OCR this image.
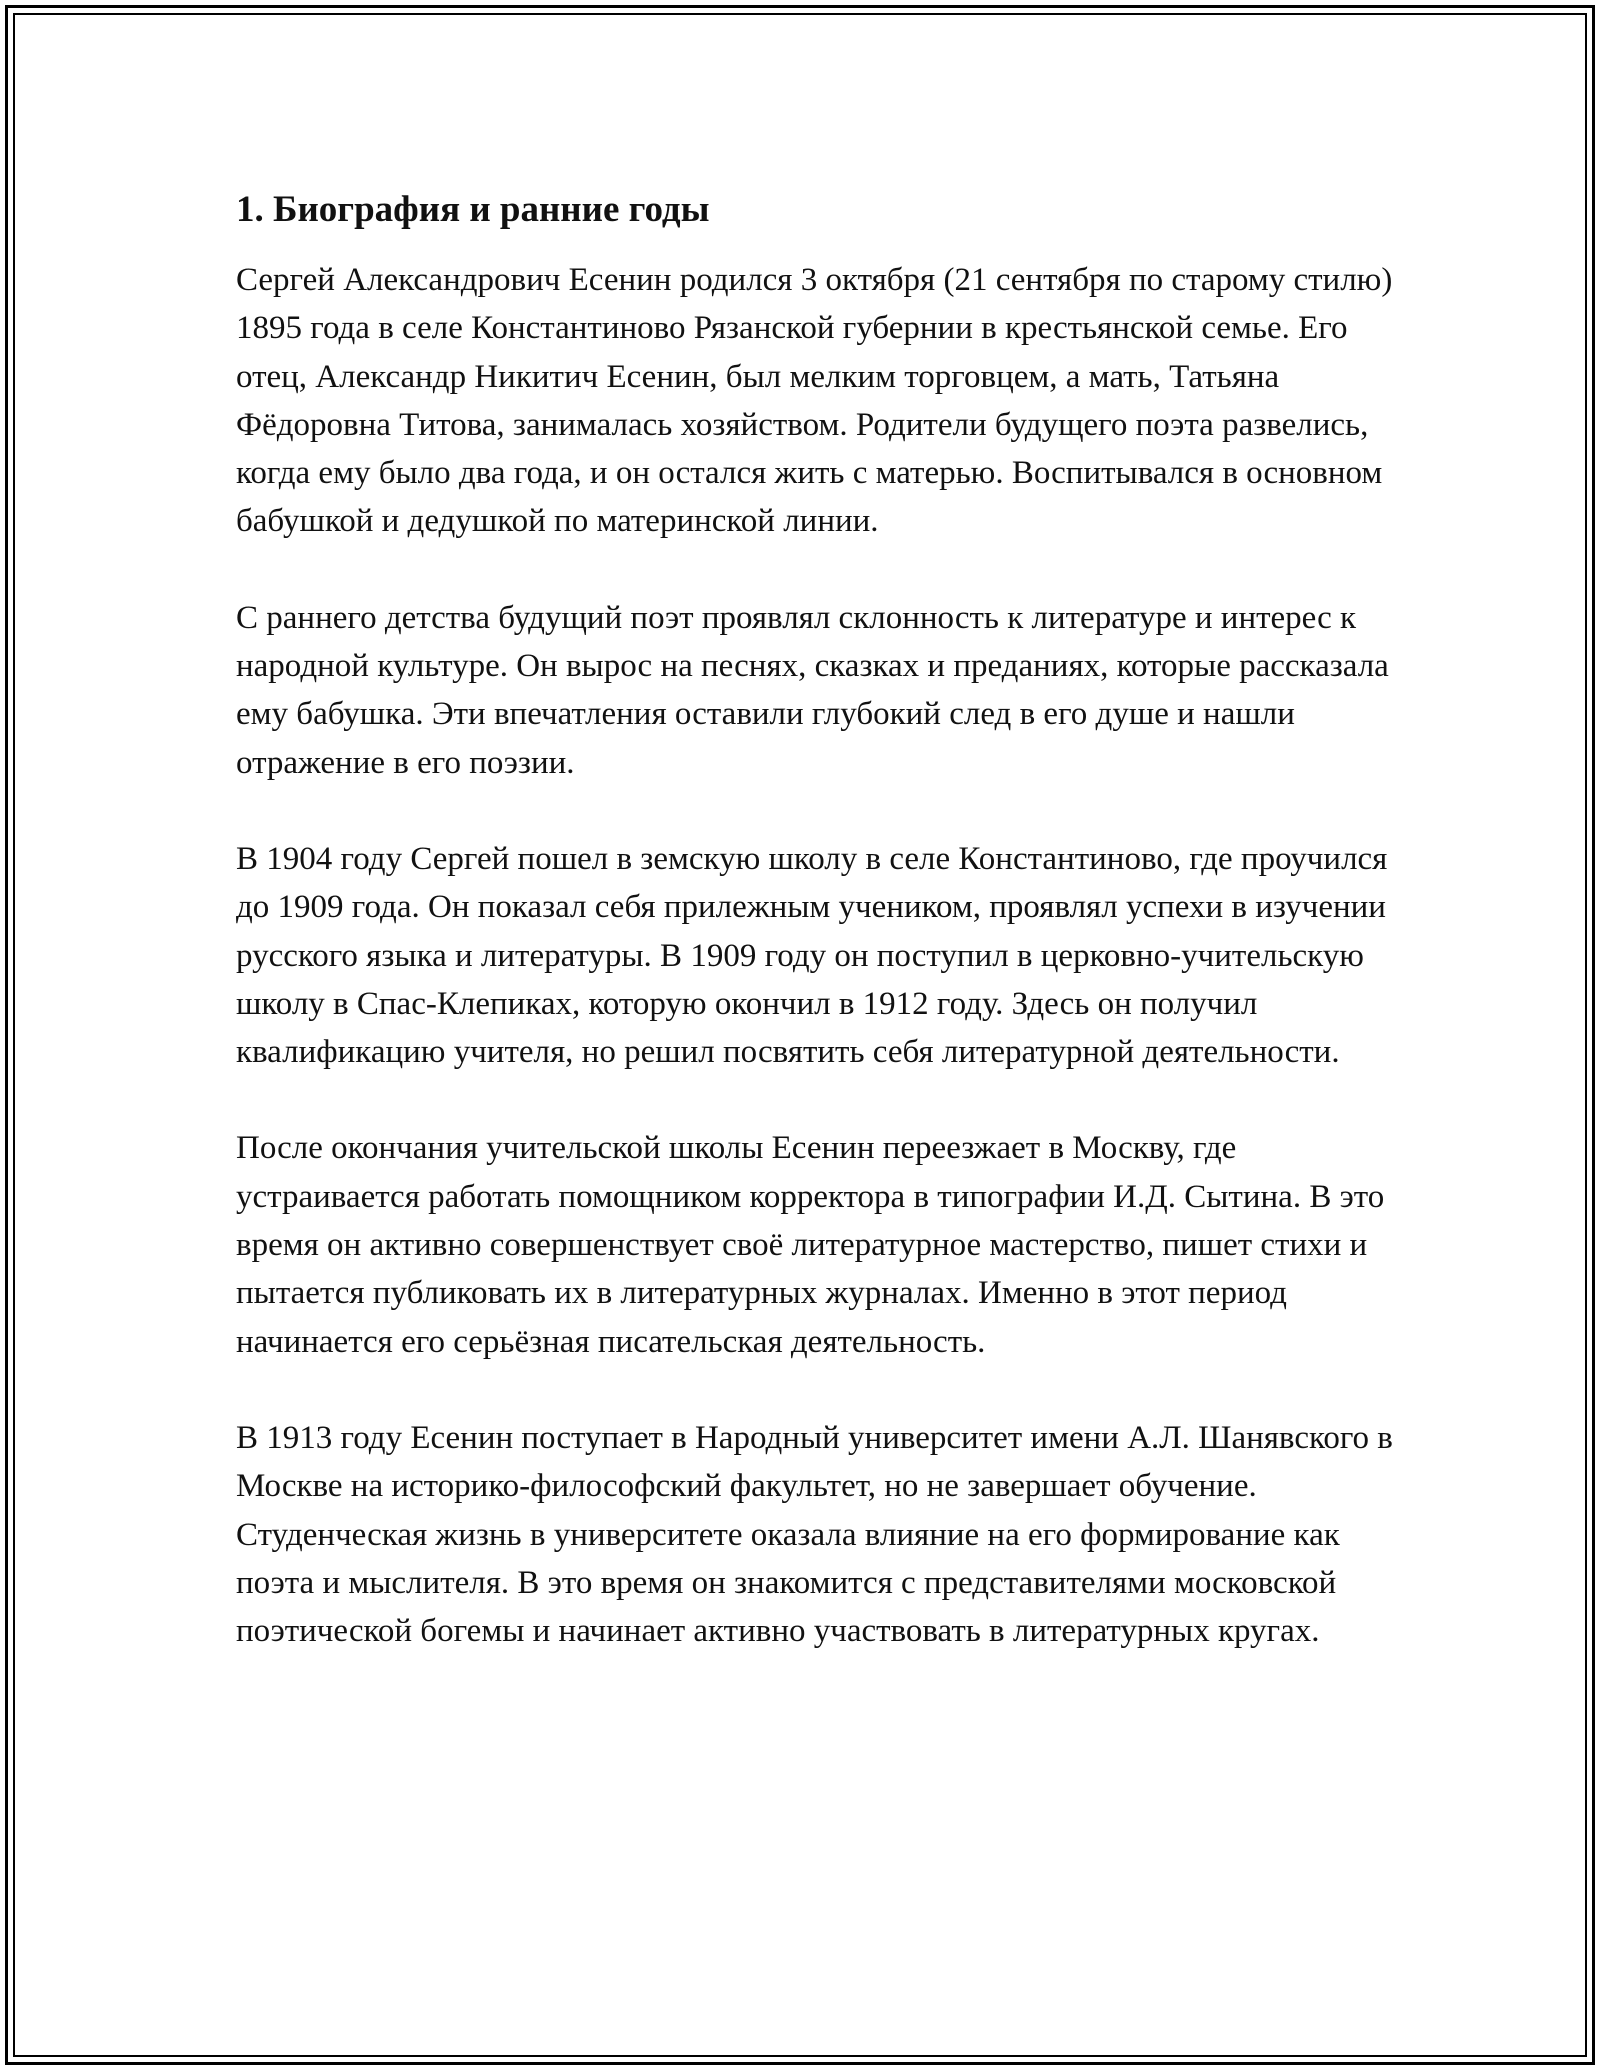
1. Биография и ранние годы

Сергей Александрович Есенин родился 3 октября (21 сентября по старому стилю) 1895 года в селе Константиново Рязанской губернии в крестьянской семье. Его отец, Александр Никитич Есенин, был мелким торговцем, а мать, Татьяна Фёдоровна Титова, занималась хозяйством. Родители будущего поэта развелись, когда ему было два года, и он остался жить с матерью. Воспитывался в основном бабушкой и дедушкой по материнской линии.

С раннего детства будущий поэт проявлял склонность к литературе и интерес к народной культуре. Он вырос на песнях, сказках и преданиях, которые рассказала ему бабушка. Эти впечатления оставили глубокий след в его душе и нашли отражение в его поэзии.

В 1904 году Сергей пошел в земскую школу в селе Константиново, где проучился до 1909 года. Он показал себя прилежным учеником, проявлял успехи в изучении русского языка и литературы. В 1909 году он поступил в церковно-учительскую школу в Спас-Клепиках, которую окончил в 1912 году. Здесь он получил квалификацию учителя, но решил посвятить себя литературной деятельности.

После окончания учительской школы Есенин переезжает в Москву, где устраивается работать помощником корректора в типографии И.Д. Сытина. В это время он активно совершенствует своё литературное мастерство, пишет стихи и пытается публиковать их в литературных журналах. Именно в этот период начинается его серьёзная писательская деятельность.

В 1913 году Есенин поступает в Народный университет имени А.Л. Шанявского в Москве на историко-философский факультет, но не завершает обучение. Студенческая жизнь в университете оказала влияние на его формирование как поэта и мыслителя. В это время он знакомится с представителями московской поэтической богемы и начинает активно участвовать в литературных кругах.
